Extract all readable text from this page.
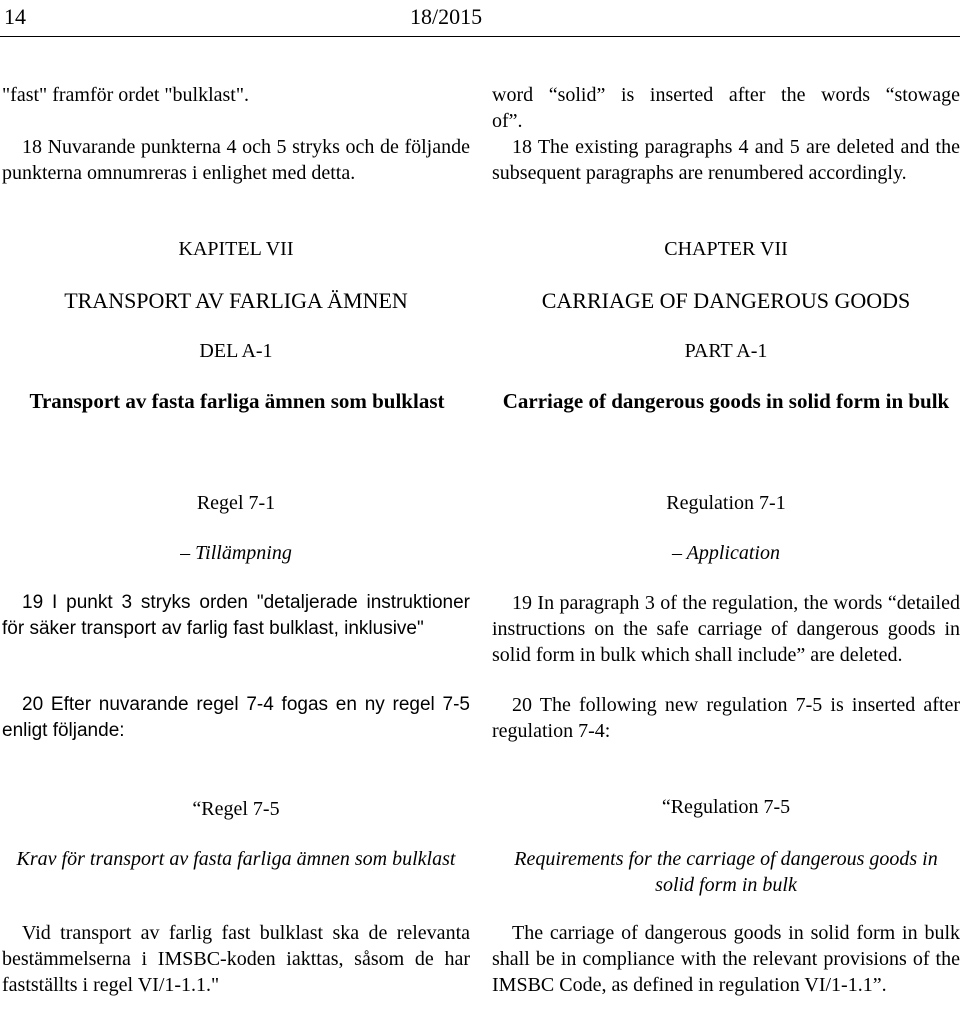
14	18/2015
"fast" framför ordet "bulklast".
18 Nuvarande punkterna 4 och 5 stryks och de följande punkterna omnumreras i enlighet med detta.
KAPITEL VII
TRANSPORT AV FARLIGA ÄMNEN
DEL A-1
Transport av fasta farliga ämnen som bulklast
Regel 7-1
– Tillämpning
19 I punkt 3 stryks orden "detaljerade instruktioner för säker transport av farlig fast bulklast, inklusive"
20 Efter nuvarande regel 7-4 fogas en ny regel 7-5 enligt följande:
“Regel 7-5
Krav för transport av fasta farliga ämnen som bulklast
Vid transport av farlig fast bulklast ska de relevanta bestämmelserna i IMSBC-koden iakttas, såsom de har fastställts i regel VI/1-1.1."
word “solid” is inserted after the words “stowage of”.
18 The existing paragraphs 4 and 5 are deleted and the subsequent paragraphs are renumbered accordingly.
CHAPTER VII
CARRIAGE OF DANGEROUS GOODS
PART A-1
Carriage of dangerous goods in solid form in bulk
Regulation 7-1
– Application
19 In paragraph 3 of the regulation, the words “detailed instructions on the safe carriage of dangerous goods in solid form in bulk which shall include” are deleted.
20 The following new regulation 7-5 is inserted after regulation 7-4:
“Regulation 7-5
Requirements for the carriage of dangerous goods in solid form in bulk
The carriage of dangerous goods in solid form in bulk shall be in compliance with the relevant provisions of the IMSBC Code, as defined in regulation VI/1-1.1”.
